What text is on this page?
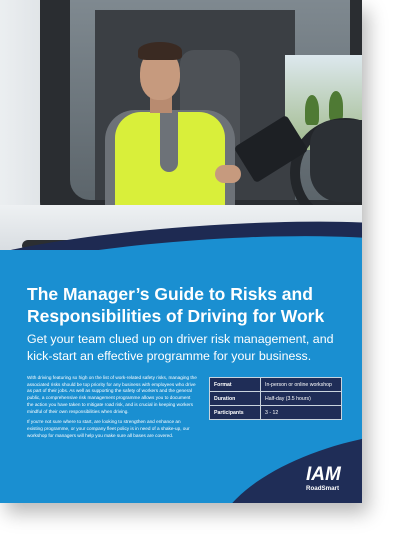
The Manager’s Guide to Risks and Responsibilities of Driving for Work

Get your team clued up on driver risk management, and kick-start an effective programme for your business.

With driving featuring so high on the list of work-related safety risks, managing the associated risks should be top priority for any business with employees who drive as part of their jobs. As well as supporting the safety of workers and the general public, a comprehensive risk management programme allows you to document the action you have taken to mitigate road risk, and is crucial in keeping workers mindful of their own responsibilities when driving.

If you're not sure where to start, are looking to strengthen and enhance an existing programme, or your company fleet policy is in need of a shake-up, our workshop for managers will help you make sure all bases are covered.

Format	In-person or online workshop
Duration	Half-day (3.5 hours)
Participants	3 - 12
IAM
RoadSmart
